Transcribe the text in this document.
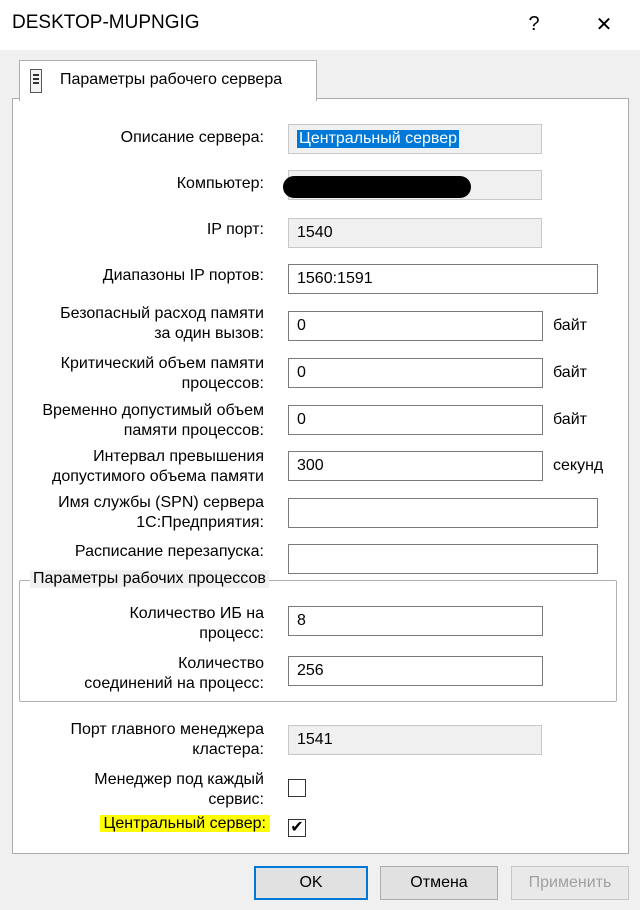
DESKTOP-MUPNGIG	?	✕
Параметры рабочего сервера
Описание сервера: Центральный сервер
Компьютер:
IP порт:	1540
Диапазоны IP портов:	1560:1591
Безопасный расход памяти
за один вызов:	0	байт
Критический объем памяти
процессов:
0	байт
Временно допустимый объем
памяти процессов:
0	байт
Интервал превышения
допустимого объема памяти
300	секунд
Имя службы (SPN) сервера
1С:Предприятия:
Расписание перезапуска:
Параметры рабочих процессов
Количество ИБ на
процесс:
8
Количество
соединений на процесс:
256
Порт главного менеджера
кластера:
1541
Менеджер под каждый
сервис:
Центральный сервер: ✔
OK	Отмена	Применить
